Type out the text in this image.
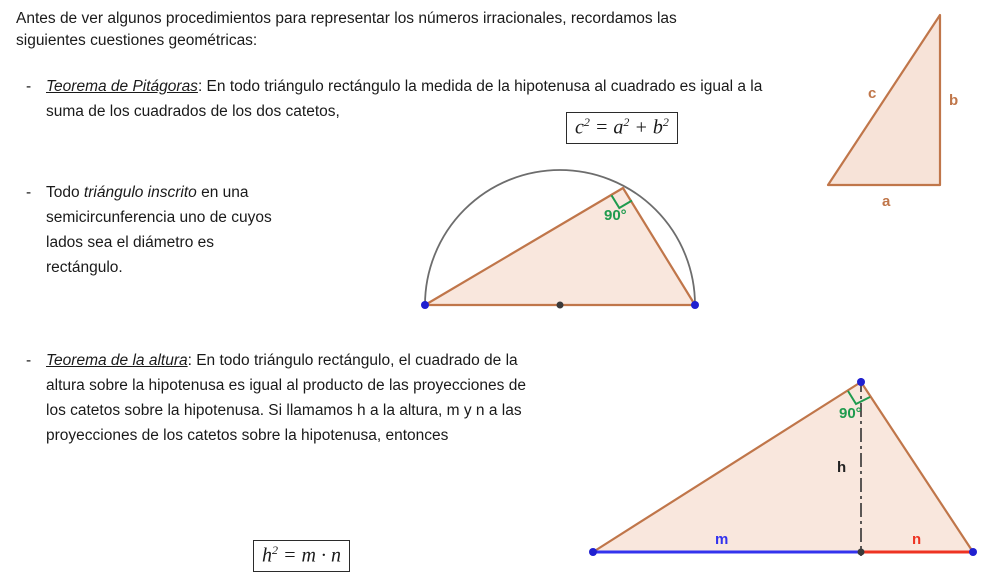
Antes de ver algunos procedimientos para representar los números irracionales, recordamos las siguientes cuestiones geométricas:
- Teorema de Pitágoras: En todo triángulo rectángulo la medida de la hipotenusa al cuadrado es igual a la suma de los cuadrados de los dos catetos,
$c^2 = a^2 + b^2$
- Todo triángulo inscrito en una semicircunferencia uno de cuyos lados sea el diámetro es rectángulo.
- Teorema de la altura: En todo triángulo rectángulo, el cuadrado de la altura sobre la hipotenusa es igual al producto de las proyecciones de los catetos sobre la hipotenusa. Si llamamos h a la altura, m y n a las proyecciones de los catetos sobre la hipotenusa, entonces
$h^2 = m \cdot n$
c	b
a
90°
90°
h
m	n
